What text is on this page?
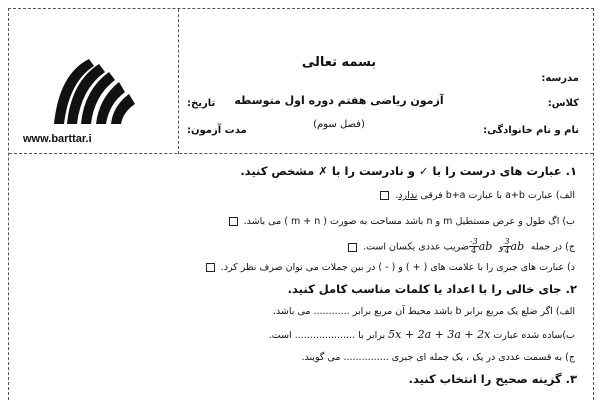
www.barttar.i
بسمه تعالی
آزمون ریاضی هفتم دوره اول متوسطه
(فصل سوم)
مدرسه:
کلاس:
نام و نام خانوادگی:
تاریخ:
مدت آزمون:
۱. عبارت های درست را با ✓ و نادرست را با ✗ مشخص کنید.
الف) عبارت a+b با عبارت b+a فرقی ندارد.
ب) اگ طول و عرض مستطیل m و n باشد مساحت به صورت ( m + n ) می باشد.
ج) در جمله
$\frac{3}{4}$ ab و
$\frac{-3}{4}$ ab ضریب عددی یکسان است.
د) عبارت های جبری را با علامت های ( + ) و ( - ) در بین جملات می توان صرف نظر کرد.
۲. جای خالی را با اعداد یا کلمات مناسب کامل کنید.
الف) اگر ضلع یک مربع برابر b باشد محیط آن مربع برابر ............ می باشد.
ب)ساده شده عبارت 5x + 2a + 3a + 2x برابر با .................... است.
ج) به قسمت عددی در یک ، یک جمله ای جبری ............... می گویند.
۳. گزینه صحیح را انتخاب کنید.
